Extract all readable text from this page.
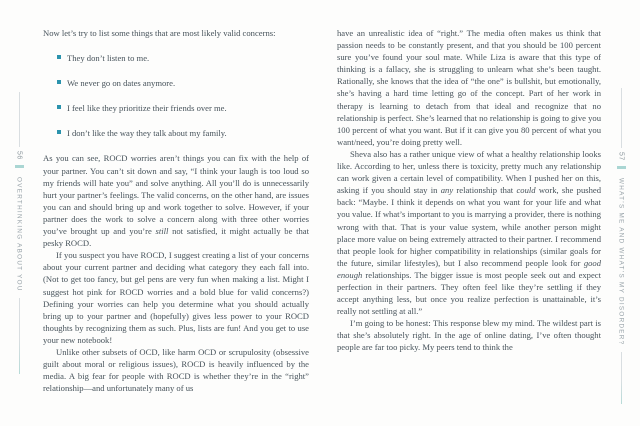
56
OVERTHINKING ABOUT YOU

Now let’s try to list some things that are most likely valid concerns:

They don’t listen to me.
We never go on dates anymore.
I feel like they prioritize their friends over me.
I don’t like the way they talk about my family.

As you can see, ROCD worries aren’t things you can fix with the help of your partner. You can’t sit down and say, “I think your laugh is too loud so my friends will hate you” and solve anything. All you’ll do is unnecessarily hurt your partner’s feelings. The valid concerns, on the other hand, are issues you can and should bring up and work together to solve. However, if your partner does the work to solve a concern along with three other worries you’ve brought up and you’re still not satisfied, it might actually be that pesky ROCD.

If you suspect you have ROCD, I suggest creating a list of your concerns about your current partner and deciding what category they each fall into. (Not to get too fancy, but gel pens are very fun when making a list. Might I suggest hot pink for ROCD worries and a bold blue for valid concerns?) Defining your worries can help you determine what you should actually bring up to your partner and (hopefully) gives less power to your ROCD thoughts by recognizing them as such. Plus, lists are fun! And you get to use your new notebook!

Unlike other subsets of OCD, like harm OCD or scrupulosity (obsessive guilt about moral or religious issues), ROCD is heavily influenced by the media. A big fear for people with ROCD is whether they’re in the “right” relationship—and unfortunately many of us

have an unrealistic idea of “right.” The media often makes us think that passion needs to be constantly present, and that you should be 100 percent sure you’ve found your soul mate. While Liza is aware that this type of thinking is a fallacy, she is struggling to unlearn what she’s been taught. Rationally, she knows that the idea of “the one” is bullshit, but emotionally, she’s having a hard time letting go of the concept. Part of her work in therapy is learning to detach from that ideal and recognize that no relationship is perfect. She’s learned that no relationship is going to give you 100 percent of what you want. But if it can give you 80 percent of what you want/need, you’re doing pretty well.

Sheva also has a rather unique view of what a healthy relationship looks like. According to her, unless there is toxicity, pretty much any relationship can work given a certain level of compatibility. When I pushed her on this, asking if you should stay in any relationship that could work, she pushed back: “Maybe. I think it depends on what you want for your life and what you value. If what’s important to you is marrying a provider, there is nothing wrong with that. That is your value system, while another person might place more value on being extremely attracted to their partner. I recommend that people look for higher compatibility in relationships (similar goals for the future, similar lifestyles), but I also recommend people look for good enough relationships. The bigger issue is most people seek out and expect perfection in their partners. They often feel like they’re settling if they accept anything less, but once you realize perfection is unattainable, it’s really not settling at all.”

I’m going to be honest: This response blew my mind. The wildest part is that she’s absolutely right. In the age of online dating, I’ve often thought people are far too picky. My peers tend to think the

57
WHAT’S ME AND WHAT’S MY DISORDER?
